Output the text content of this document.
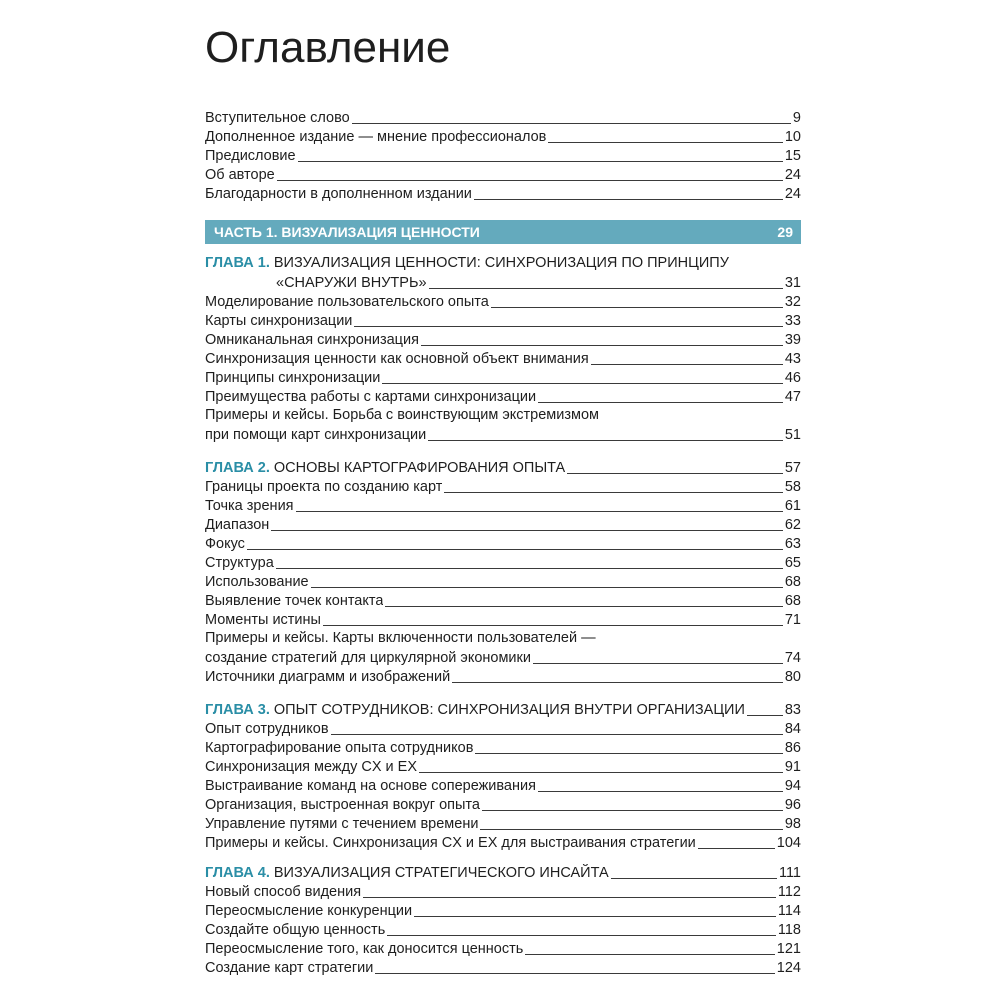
Оглавление
Вступительное слово	9
Дополненное издание — мнение профессионалов	10
Предисловие	15
Об авторе	24
Благодарности в дополненном издании	24
ЧАСТЬ 1. ВИЗУАЛИЗАЦИЯ ЦЕННОСТИ	29
ГЛАВА 1. ВИЗУАЛИЗАЦИЯ ЦЕННОСТИ: СИНХРОНИЗАЦИЯ ПО ПРИНЦИПУ
«СНАРУЖИ ВНУТРЬ»	31
Моделирование пользовательского опыта	32
Карты синхронизации	33
Омниканальная синхронизация	39
Синхронизация ценности как основной объект внимания	43
Принципы синхронизации	46
Преимущества работы с картами синхронизации	47
Примеры и кейсы. Борьба с воинствующим экстремизмом
при помощи карт синхронизации	51
ГЛАВА 2. ОСНОВЫ КАРТОГРАФИРОВАНИЯ ОПЫТА	57
Границы проекта по созданию карт	58
Точка зрения	61
Диапазон	62
Фокус	63
Структура	65
Использование	68
Выявление точек контакта	68
Моменты истины	71
Примеры и кейсы. Карты включенности пользователей —
создание стратегий для циркулярной экономики	74
Источники диаграмм и изображений	80
ГЛАВА 3. ОПЫТ СОТРУДНИКОВ: СИНХРОНИЗАЦИЯ ВНУТРИ ОРГАНИЗАЦИИ	83
Опыт сотрудников	84
Картографирование опыта сотрудников	86
Синхронизация между CX и EX	91
Выстраивание команд на основе сопереживания	94
Организация, выстроенная вокруг опыта	96
Управление путями с течением времени	98
Примеры и кейсы. Синхронизация CX и EX для выстраивания стратегии	104
ГЛАВА 4. ВИЗУАЛИЗАЦИЯ СТРАТЕГИЧЕСКОГО ИНСАЙТА	111
Новый способ видения	112
Переосмысление конкуренции	114
Создайте общую ценность	118
Переосмысление того, как доносится ценность	121
Создание карт стратегии	124
